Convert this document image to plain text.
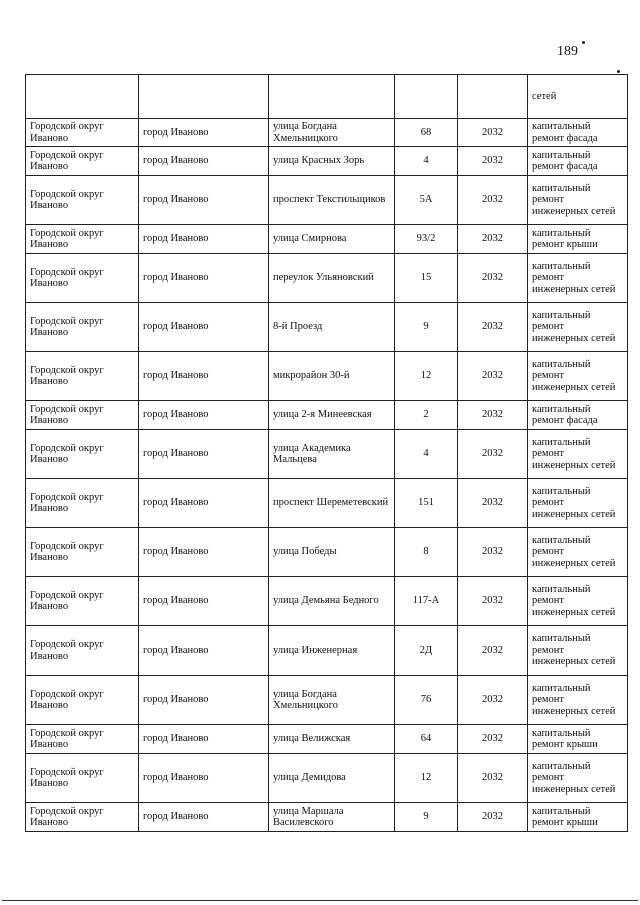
189
					сетей
Городской округ Иваново	город Иваново	улица Богдана Хмельницкого	68	2032	капитальный ремонт фасада
Городской округ Иваново	город Иваново	улица Красных Зорь	4	2032	капитальный ремонт фасада
Городской округ Иваново	город Иваново	проспект Текстильщиков	5А	2032	капитальный ремонт инженерных сетей
Городской округ Иваново	город Иваново	улица Смирнова	93/2	2032	капитальный ремонт крыши
Городской округ Иваново	город Иваново	переулок Ульяновский	15	2032	капитальный ремонт инженерных сетей
Городской округ Иваново	город Иваново	8-й Проезд	9	2032	капитальный ремонт инженерных сетей
Городской округ Иваново	город Иваново	микрорайон 30-й	12	2032	капитальный ремонт инженерных сетей
Городской округ Иваново	город Иваново	улица 2-я Минеевская	2	2032	капитальный ремонт фасада
Городской округ Иваново	город Иваново	улица Академика Мальцева	4	2032	капитальный ремонт инженерных сетей
Городской округ Иваново	город Иваново	проспект Шереметевский	151	2032	капитальный ремонт инженерных сетей
Городской округ Иваново	город Иваново	улица Победы	8	2032	капитальный ремонт инженерных сетей
Городской округ Иваново	город Иваново	улица Демьяна Бедного	117-А	2032	капитальный ремонт инженерных сетей
Городской округ Иваново	город Иваново	улица Инженерная	2Д	2032	капитальный ремонт инженерных сетей
Городской округ Иваново	город Иваново	улица Богдана Хмельницкого	76	2032	капитальный ремонт инженерных сетей
Городской округ Иваново	город Иваново	улица Велижская	64	2032	капитальный ремонт крыши
Городской округ Иваново	город Иваново	улица Демидова	12	2032	капитальный ремонт инженерных сетей
Городской округ Иваново	город Иваново	улица Маршала Василевского	9	2032	капитальный ремонт крыши
